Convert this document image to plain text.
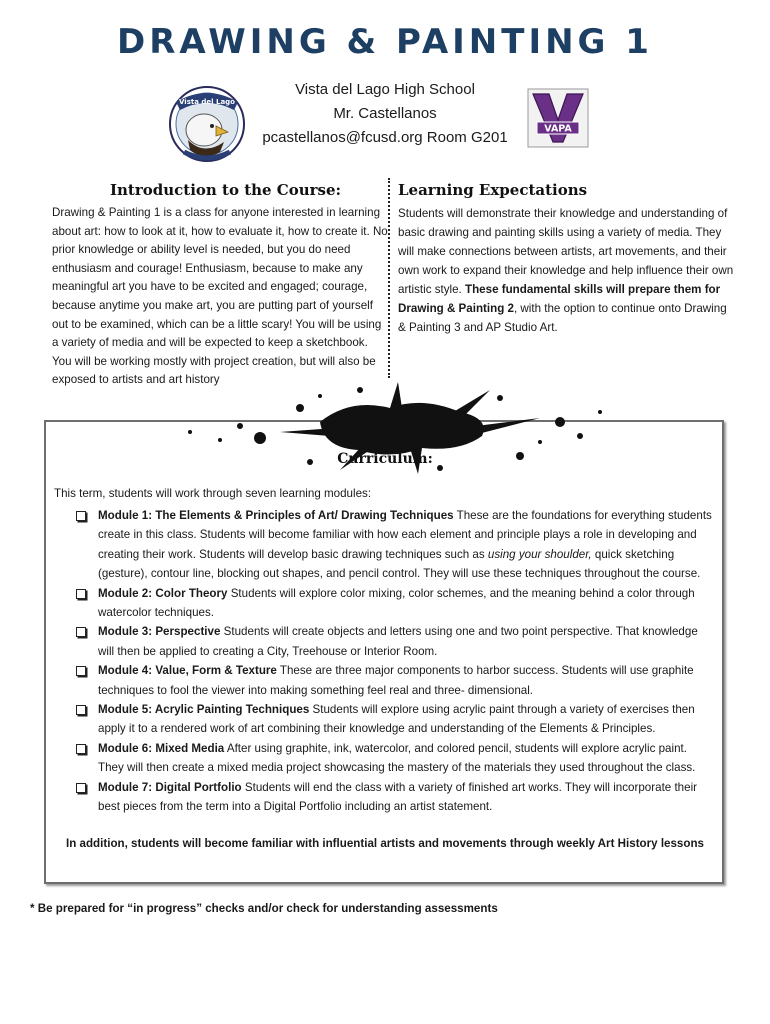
DRAWING & PAINTING 1
Vista del Lago
Vista del Lago High School
Mr. Castellanos
pcastellanos@fcusd.org Room G201	VAPA
Introduction to the Course:	Learning Expectations
Drawing & Painting 1 is a class for anyone interested in learning about art: how to look at it, how to evaluate it, how to create it. No prior knowledge or ability level is needed, but you do need enthusiasm and courage! Enthusiasm, because to make any meaningful art you have to be excited and engaged; courage, because anytime you make art, you are putting part of yourself out to be examined, which can be a little scary! You will be using a variety of media and will be expected to keep a sketchbook. You will be working mostly with project creation, but will also be exposed to artists and art history
Students will demonstrate their knowledge and understanding of basic drawing and painting skills using a variety of media. They will make connections between artists, art movements, and their own work to expand their knowledge and help influence their own artistic style. These fundamental skills will prepare them for Drawing & Painting 2, with the option to continue onto Drawing & Painting 3 and AP Studio Art.
Curriculum:
This term, students will work through seven learning modules:
Module 1: The Elements & Principles of Art/ Drawing Techniques These are the foundations for everything students create in this class. Students will become familiar with how each element and principle plays a role in developing and creating their work. Students will develop basic drawing techniques such as using your shoulder, quick sketching (gesture), contour line, blocking out shapes, and pencil control. They will use these techniques throughout the course.
Module 2: Color Theory Students will explore color mixing, color schemes, and the meaning behind a color through watercolor techniques.
Module 3: Perspective Students will create objects and letters using one and two point perspective. That knowledge will then be applied to creating a City, Treehouse or Interior Room.
Module 4: Value, Form & Texture These are three major components to harbor success. Students will use graphite techniques to fool the viewer into making something feel real and three- dimensional.
Module 5: Acrylic Painting Techniques Students will explore using acrylic paint through a variety of exercises then apply it to a rendered work of art combining their knowledge and understanding of the Elements & Principles.
Module 6: Mixed Media After using graphite, ink, watercolor, and colored pencil, students will explore acrylic paint. They will then create a mixed media project showcasing the mastery of the materials they used throughout the class.
Module 7: Digital Portfolio Students will end the class with a variety of finished art works. They will incorporate their best pieces from the term into a Digital Portfolio including an artist statement.
In addition, students will become familiar with influential artists and movements through weekly Art History lessons
* Be prepared for “in progress” checks and/or check for understanding assessments
